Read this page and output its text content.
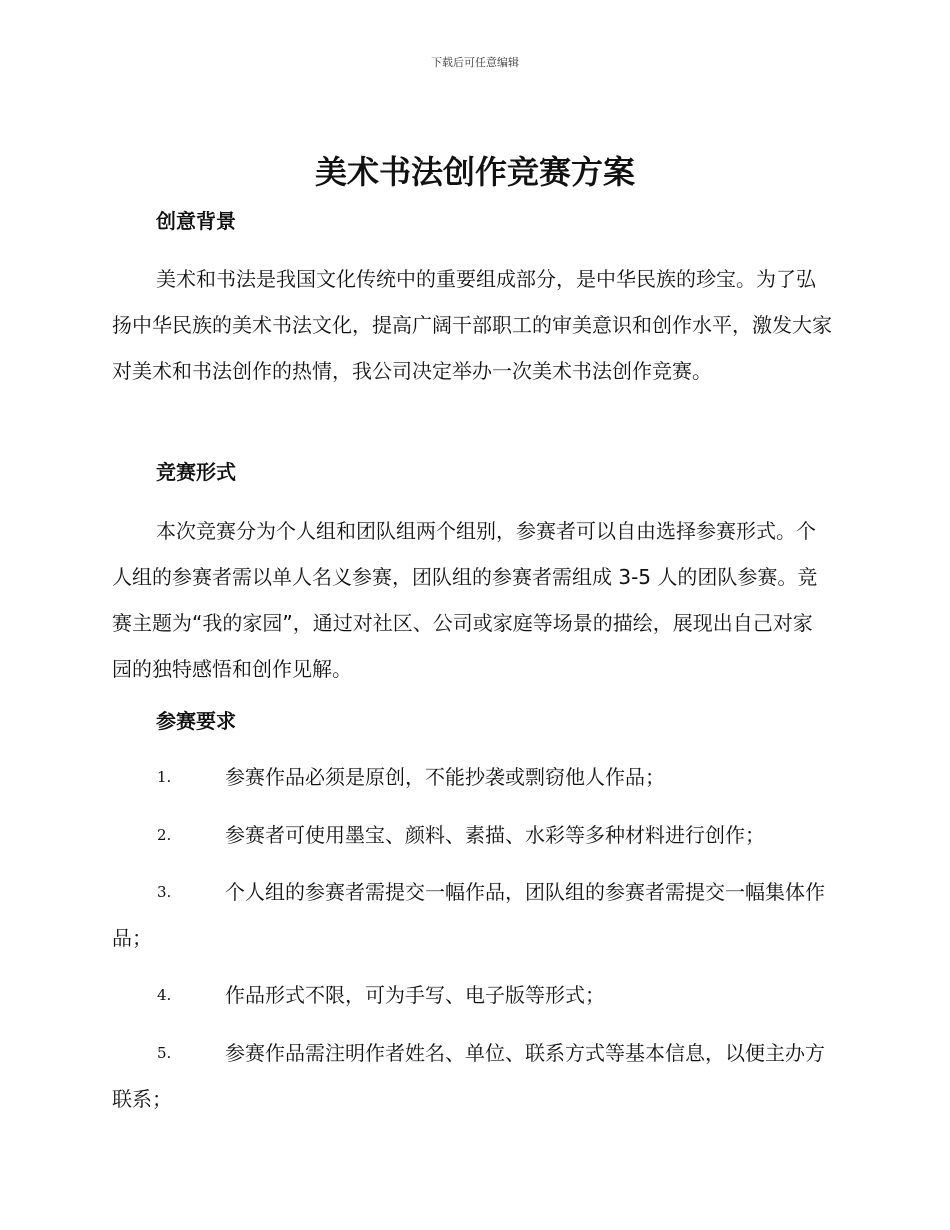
下载后可任意编辑
美术书法创作竞赛方案
创意背景
美术和书法是我国文化传统中的重要组成部分，是中华民族的珍宝。为了弘扬中华民族的美术书法文化，提高广阔干部职工的审美意识和创作水平，激发大家对美术和书法创作的热情，我公司决定举办一次美术书法创作竞赛。
竞赛形式
本次竞赛分为个人组和团队组两个组别，参赛者可以自由选择参赛形式。个人组的参赛者需以单人名义参赛，团队组的参赛者需组成 3-5 人的团队参赛。竞赛主题为“我的家园”，通过对社区、公司或家庭等场景的描绘，展现出自己对家园的独特感悟和创作见解。
参赛要求
1.	参赛作品必须是原创，不能抄袭或剽窃他人作品；
2.	参赛者可使用墨宝、颜料、素描、水彩等多种材料进行创作；
3.	个人组的参赛者需提交一幅作品，团队组的参赛者需提交一幅集体作品；
4.	作品形式不限，可为手写、电子版等形式；
5.	参赛作品需注明作者姓名、单位、联系方式等基本信息，以便主办方联系；
